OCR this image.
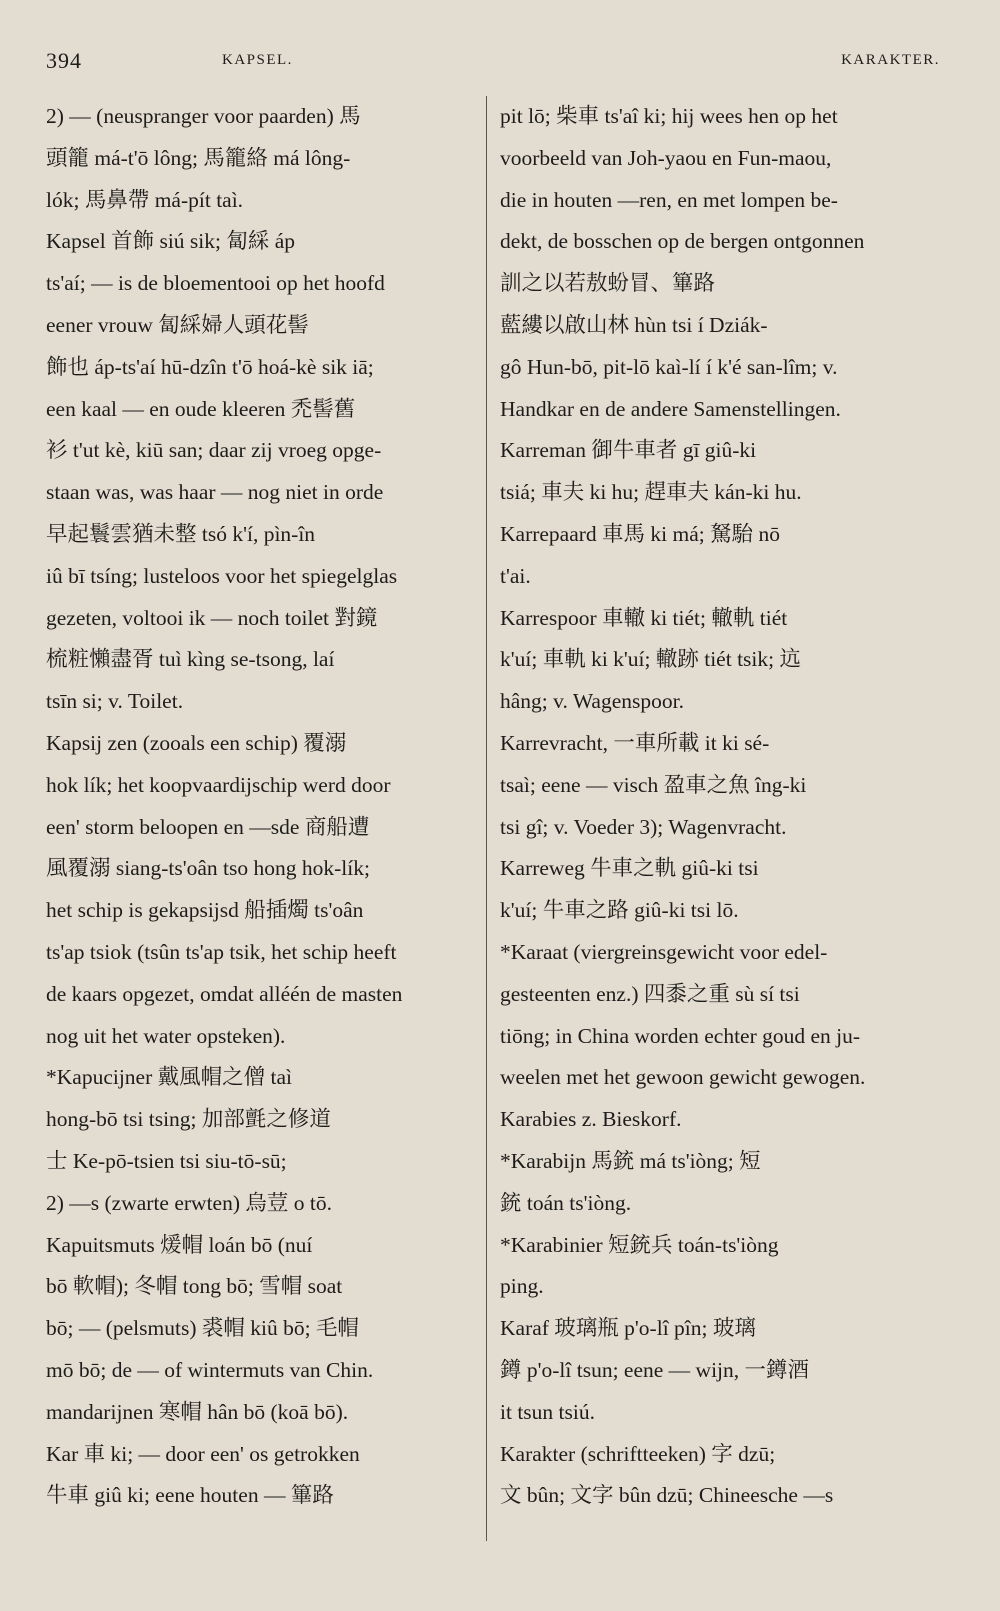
394	KAPSEL.	KARAKTER.
2) — (neuspranger voor paarden) 馬
頭籠 má-t'ō lông; 馬籠絡 má lông-
lók; 馬鼻帶 má-pít taì.
Kapsel 首飾 siú sik; 匐綵 áp
ts'aí; — is de bloementooi op het hoofd
eener vrouw 匐綵婦人頭花髻
飾也 áp-ts'aí hū-dzîn t'ō hoá-kè sik iā;
een kaal — en oude kleeren 禿髻舊
衫 t'ut kè, kiū san; daar zij vroeg opge-
staan was, was haar — nog niet in orde
早起鬟雲猶未整 tsó k'í, pìn-în
iû bī tsíng; lusteloos voor het spiegelglas
gezeten, voltooi ik — noch toilet 對鏡
梳粧懶盡胥 tuì kìng se-tsong, laí
tsīn si; v. Toilet.
Kapsij zen (zooals een schip) 覆溺
hok lík; het koopvaardijschip werd door
een' storm beloopen en —sde 商船遭
風覆溺 siang-ts'oân tso hong hok-lík;
het schip is gekapsijsd 船插燭 ts'oân
ts'ap tsiok (tsûn ts'ap tsik, het schip heeft
de kaars opgezet, omdat alléén de masten
nog uit het water opsteken).
*Kapucijner 戴風帽之僧 taì
hong-bō tsi tsing; 加部氈之修道
士 Ke-pō-tsien tsi siu-tō-sū;
2) —s (zwarte erwten) 烏荳 o tō.
Kapuitsmuts 煖帽 loán bō (nuí
bō 軟帽); 冬帽 tong bō; 雪帽 soat
bō; — (pelsmuts) 裘帽 kiû bō; 毛帽
mō bō; de — of wintermuts van Chin.
mandarijnen 寒帽 hân bō (koā bō).
Kar 車 ki; — door een' os getrokken
牛車 giû ki; eene houten — 篳路
pit lō; 柴車 ts'aî ki; hij wees hen op het
voorbeeld van Joh-yaou en Fun-maou,
die in houten —ren, en met lompen be-
dekt, de bosschen op de bergen ontgonnen
訓之以若敖蚡冒、篳路
藍縷以啟山林 hùn tsi í Dziák-
gô Hun-bō, pit-lō kaì-lí í k'é san-lîm; v.
Handkar en de andere Samenstellingen.
Karreman 御牛車者 gī giû-ki
tsiá; 車夫 ki hu; 趕車夫 kán-ki hu.
Karrepaard 車馬 ki má; 駑駘 nō
t'ai.
Karrespoor 車轍 ki tiét; 轍軌 tiét
k'uí; 車軌 ki k'uí; 轍跡 tiét tsik; 迒
hâng; v. Wagenspoor.
Karrevracht, 一車所載 it ki sé-
tsaì; eene — visch 盈車之魚 îng-ki
tsi gî; v. Voeder 3); Wagenvracht.
Karreweg 牛車之軌 giû-ki tsi
k'uí; 牛車之路 giû-ki tsi lō.
*Karaat (viergreinsgewicht voor edel-
gesteenten enz.) 四黍之重 sù sí tsi
tiōng; in China worden echter goud en ju-
weelen met het gewoon gewicht gewogen.
Karabies z. Bieskorf.
*Karabijn 馬銃 má ts'iòng; 短
銃 toán ts'iòng.
*Karabinier 短銃兵 toán-ts'iòng
ping.
Karaf 玻璃瓶 p'o-lî pîn; 玻璃
鐏 p'o-lî tsun; eene — wijn, 一鐏酒
it tsun tsiú.
Karakter (schriftteeken) 字 dzū;
文 bûn; 文字 bûn dzū; Chineesche —s
